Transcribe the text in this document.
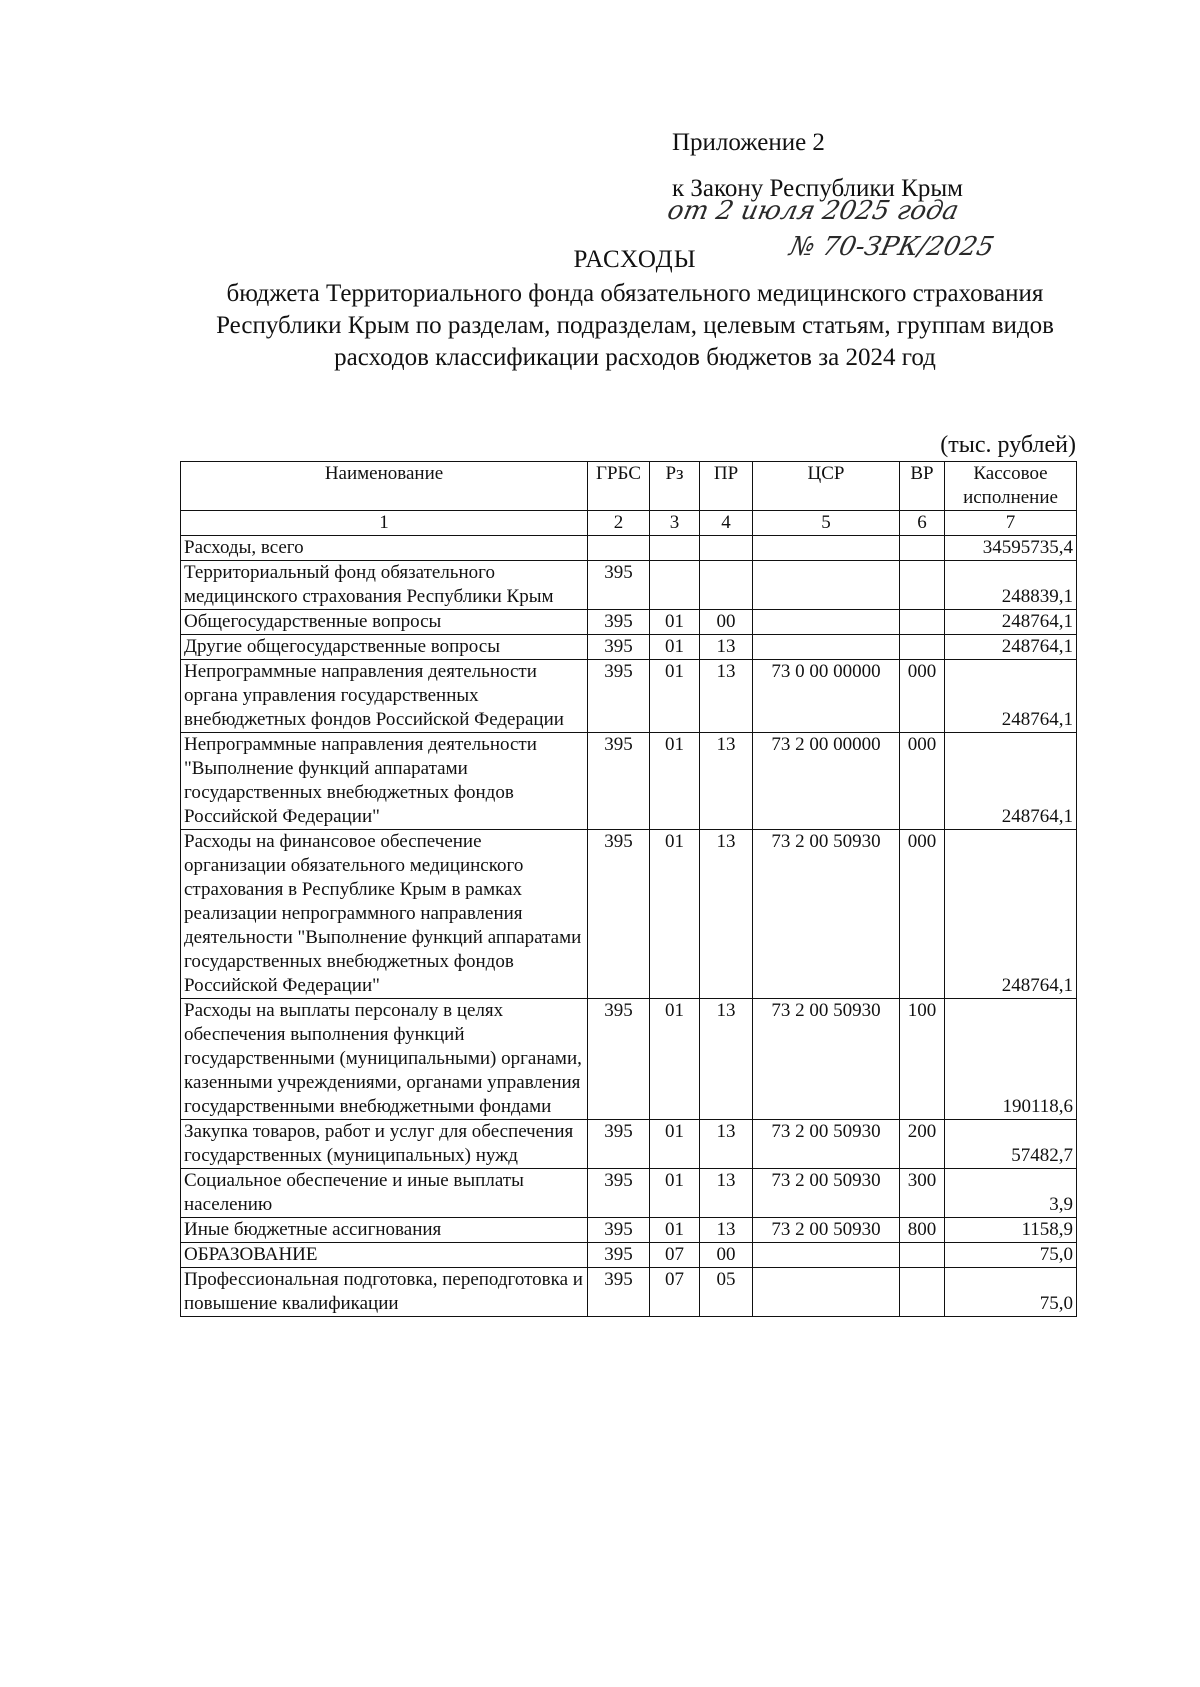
Приложение 2
к Закону Республики Крым
от 2 июля 2025 года
№ 70-ЗРК/2025
РАСХОДЫ
бюджета Территориального фонда обязательного медицинского страхования Республики Крым по разделам, подразделам, целевым статьям, группам видов расходов классификации расходов бюджетов за 2024 год
(тыс. рублей)
Наименование	ГРБС	Рз	ПР	ЦСР	ВР	Кассовое исполнение
1	2	3	4	5	6	7
Расходы, всего						34595735,4
Территориальный фонд обязательного медицинского страхования Республики Крым	395					248839,1
Общегосударственные вопросы	395	01	00			248764,1
Другие общегосударственные вопросы	395	01	13			248764,1
Непрограммные направления деятельности органа управления государственных внебюджетных фондов Российской Федерации	395	01	13	73 0 00 00000	000	248764,1
Непрограммные направления деятельности "Выполнение функций аппаратами государственных внебюджетных фондов Российской Федерации"	395	01	13	73 2 00 00000	000	248764,1
Расходы на финансовое обеспечение организации обязательного медицинского страхования в Республике Крым в рамках реализации непрограммного направления деятельности "Выполнение функций аппаратами государственных внебюджетных фондов Российской Федерации"	395	01	13	73 2 00 50930	000	248764,1
Расходы на выплаты персоналу в целях обеспечения выполнения функций государственными (муниципальными) органами, казенными учреждениями, органами управления государственными внебюджетными фондами	395	01	13	73 2 00 50930	100	190118,6
Закупка товаров, работ и услуг для обеспечения государственных (муниципальных) нужд	395	01	13	73 2 00 50930	200	57482,7
Социальное обеспечение и иные выплаты населению	395	01	13	73 2 00 50930	300	3,9
Иные бюджетные ассигнования	395	01	13	73 2 00 50930	800	1158,9
ОБРАЗОВАНИЕ	395	07	00			75,0
Профессиональная подготовка, переподготовка и повышение квалификации	395	07	05			75,0
